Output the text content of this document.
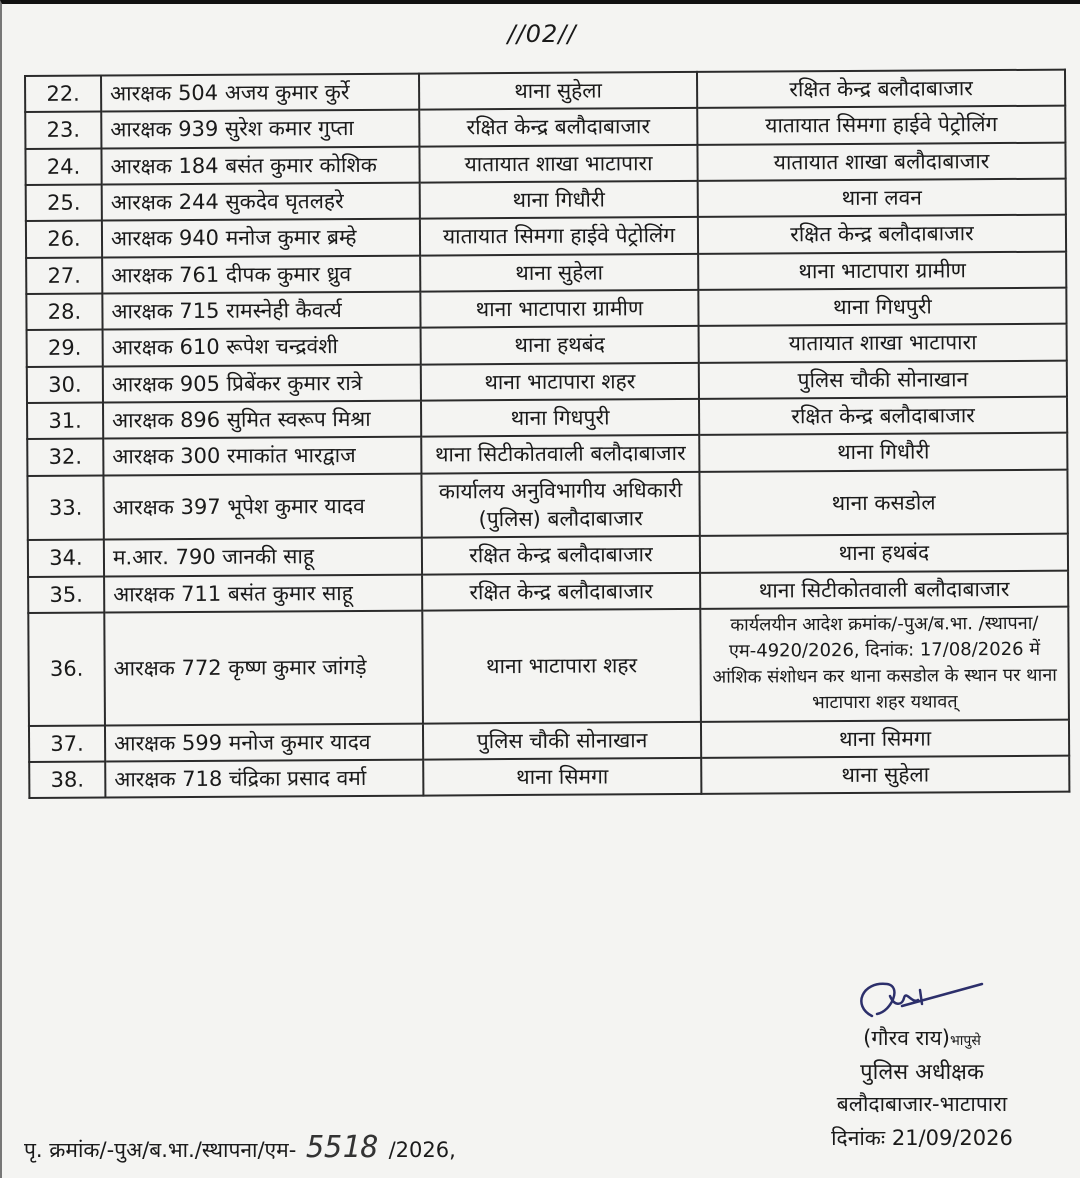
//02//
22.	आरक्षक 504 अजय कुमार कुर्रे	थाना सुहेला	रक्षित केन्द्र बलौदाबाजार
23.	आरक्षक 939 सुरेश कमार गुप्ता	रक्षित केन्द्र बलौदाबाजार	यातायात सिमगा हाईवे पेट्रोलिंग
24.	आरक्षक 184 बसंत कुमार कोशिक	यातायात शाखा भाटापारा	यातायात शाखा बलौदाबाजार
25.	आरक्षक 244 सुकदेव घृतलहरे	थाना गिधौरी	थाना लवन
26.	आरक्षक 940 मनोज कुमार ब्रम्हे	यातायात सिमगा हाईवे पेट्रोलिंग	रक्षित केन्द्र बलौदाबाजार
27.	आरक्षक 761 दीपक कुमार ध्रुव	थाना सुहेला	थाना भाटापारा ग्रामीण
28.	आरक्षक 715 रामस्नेही कैवर्त्य	थाना भाटापारा ग्रामीण	थाना गिधपुरी
29.	आरक्षक 610 रूपेश चन्द्रवंशी	थाना हथबंद	यातायात शाखा भाटापारा
30.	आरक्षक 905 प्रिबेंकर कुमार रात्रे	थाना भाटापारा शहर	पुलिस चौकी सोनाखान
31.	आरक्षक 896 सुमित स्वरूप मिश्रा	थाना गिधपुरी	रक्षित केन्द्र बलौदाबाजार
32.	आरक्षक 300 रमाकांत भारद्वाज	थाना सिटीकोतवाली बलौदाबाजार	थाना गिधौरी
33.	आरक्षक 397 भूपेश कुमार यादव	कार्यालय अनुविभागीय अधिकारी (पुलिस) बलौदाबाजार	थाना कसडोल
34.	म.आर. 790 जानकी साहू	रक्षित केन्द्र बलौदाबाजार	थाना हथबंद
35.	आरक्षक 711 बसंत कुमार साहू	रक्षित केन्द्र बलौदाबाजार	थाना सिटीकोतवाली बलौदाबाजार
36.	आरक्षक 772 कृष्ण कुमार जांगड़े	थाना भाटापारा शहर	कार्यलयीन आदेश क्रमांक/-पुअ/ब.भा. /स्थापना/एम-4920/2026, दिनांक: 17/08/2026 में आंशिक संशोधन कर थाना कसडोल के स्थान पर थाना भाटापारा शहर यथावत्
37.	आरक्षक 599 मनोज कुमार यादव	पुलिस चौकी सोनाखान	थाना सिमगा
38.	आरक्षक 718 चंद्रिका प्रसाद वर्मा	थाना सिमगा	थाना सुहेला
(गौरव राय)भापुसे
पुलिस अधीक्षक
बलौदाबाजार-भाटापारा
दिनांकः 21/09/2026
पृ. क्रमांक/-पुअ/ब.भा./स्थापना/एम- 5518 /2026,
